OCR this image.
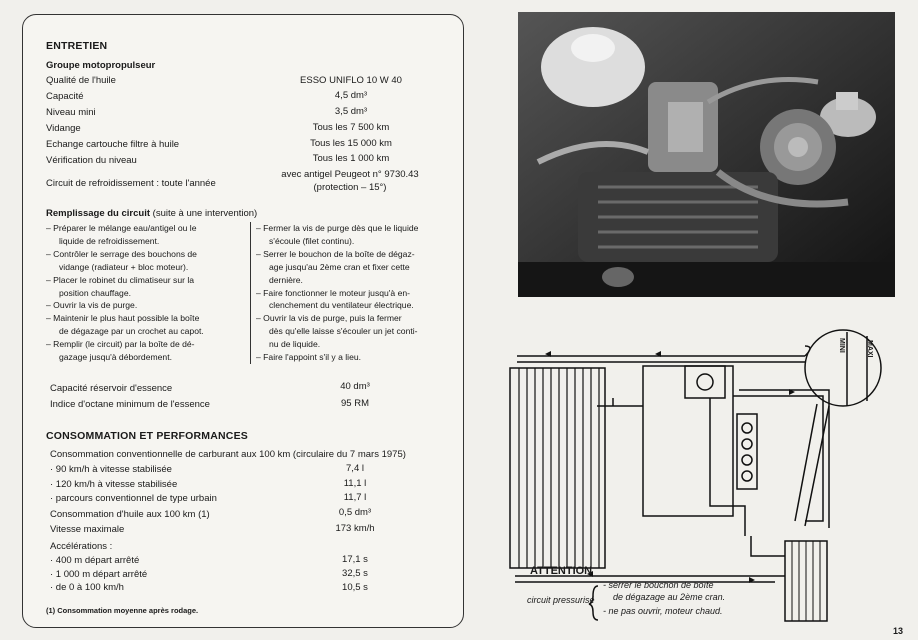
ENTRETIEN
Groupe motopropulseur
Qualité de l'huile	ESSO UNIFLO 10 W 40
Capacité	4,5 dm³
Niveau mini	3,5 dm³
Vidange	Tous les 7 500 km
Echange cartouche filtre à huile	Tous les 15 000 km
Vérification du niveau	Tous les 1 000 km
Circuit de refroidissement : toute l'année
avec antigel Peugeot n° 9730.43
(protection – 15°)
Remplissage du circuit (suite à une intervention)
– Préparer le mélange eau/antigel ou le
liquide de refroidissement.
– Contrôler le serrage des bouchons de
vidange (radiateur + bloc moteur).
– Placer le robinet du climatiseur sur la
position chauffage.
– Ouvrir la vis de purge.
– Maintenir le plus haut possible la boîte
de dégazage par un crochet au capot.
– Remplir (le circuit) par la boîte de dé-
gazage jusqu'à débordement.
– Fermer la vis de purge dès que le liquide
s'écoule (filet continu).
– Serrer le bouchon de la boîte de dégaz-
age jusqu'au 2ème cran et fixer cette
dernière.
– Faire fonctionner le moteur jusqu'à en-
clenchement du ventilateur électrique.
– Ouvrir la vis de purge, puis la fermer
dès qu'elle laisse s'écouler un jet conti-
nu de liquide.
– Faire l'appoint s'il y a lieu.
Capacité réservoir d'essence	40 dm³
Indice d'octane minimum de l'essence	95 RM
CONSOMMATION ET PERFORMANCES
Consommation conventionnelle de carburant aux 100 km (circulaire du 7 mars 1975)
· 90 km/h à vitesse stabilisée	7,4 l
· 120 km/h à vitesse stabilisée	11,1 l
· parcours conventionnel de type urbain	11,7 l
Consommation d'huile aux 100 km (1)	0,5 dm³
Vitesse maximale	173 km/h
Accélérations :
· 400 m départ arrêté	17,1 s
· 1 000 m départ arrêté	32,5 s
· de 0 à 100 km/h	10,5 s
(1) Consommation moyenne après rodage.
MINI	MAXI
ATTENTION
circuit pressurisé
- serrer le bouchon de boîte
de dégazage au 2ème cran.
- ne pas ouvrir, moteur chaud.
13
